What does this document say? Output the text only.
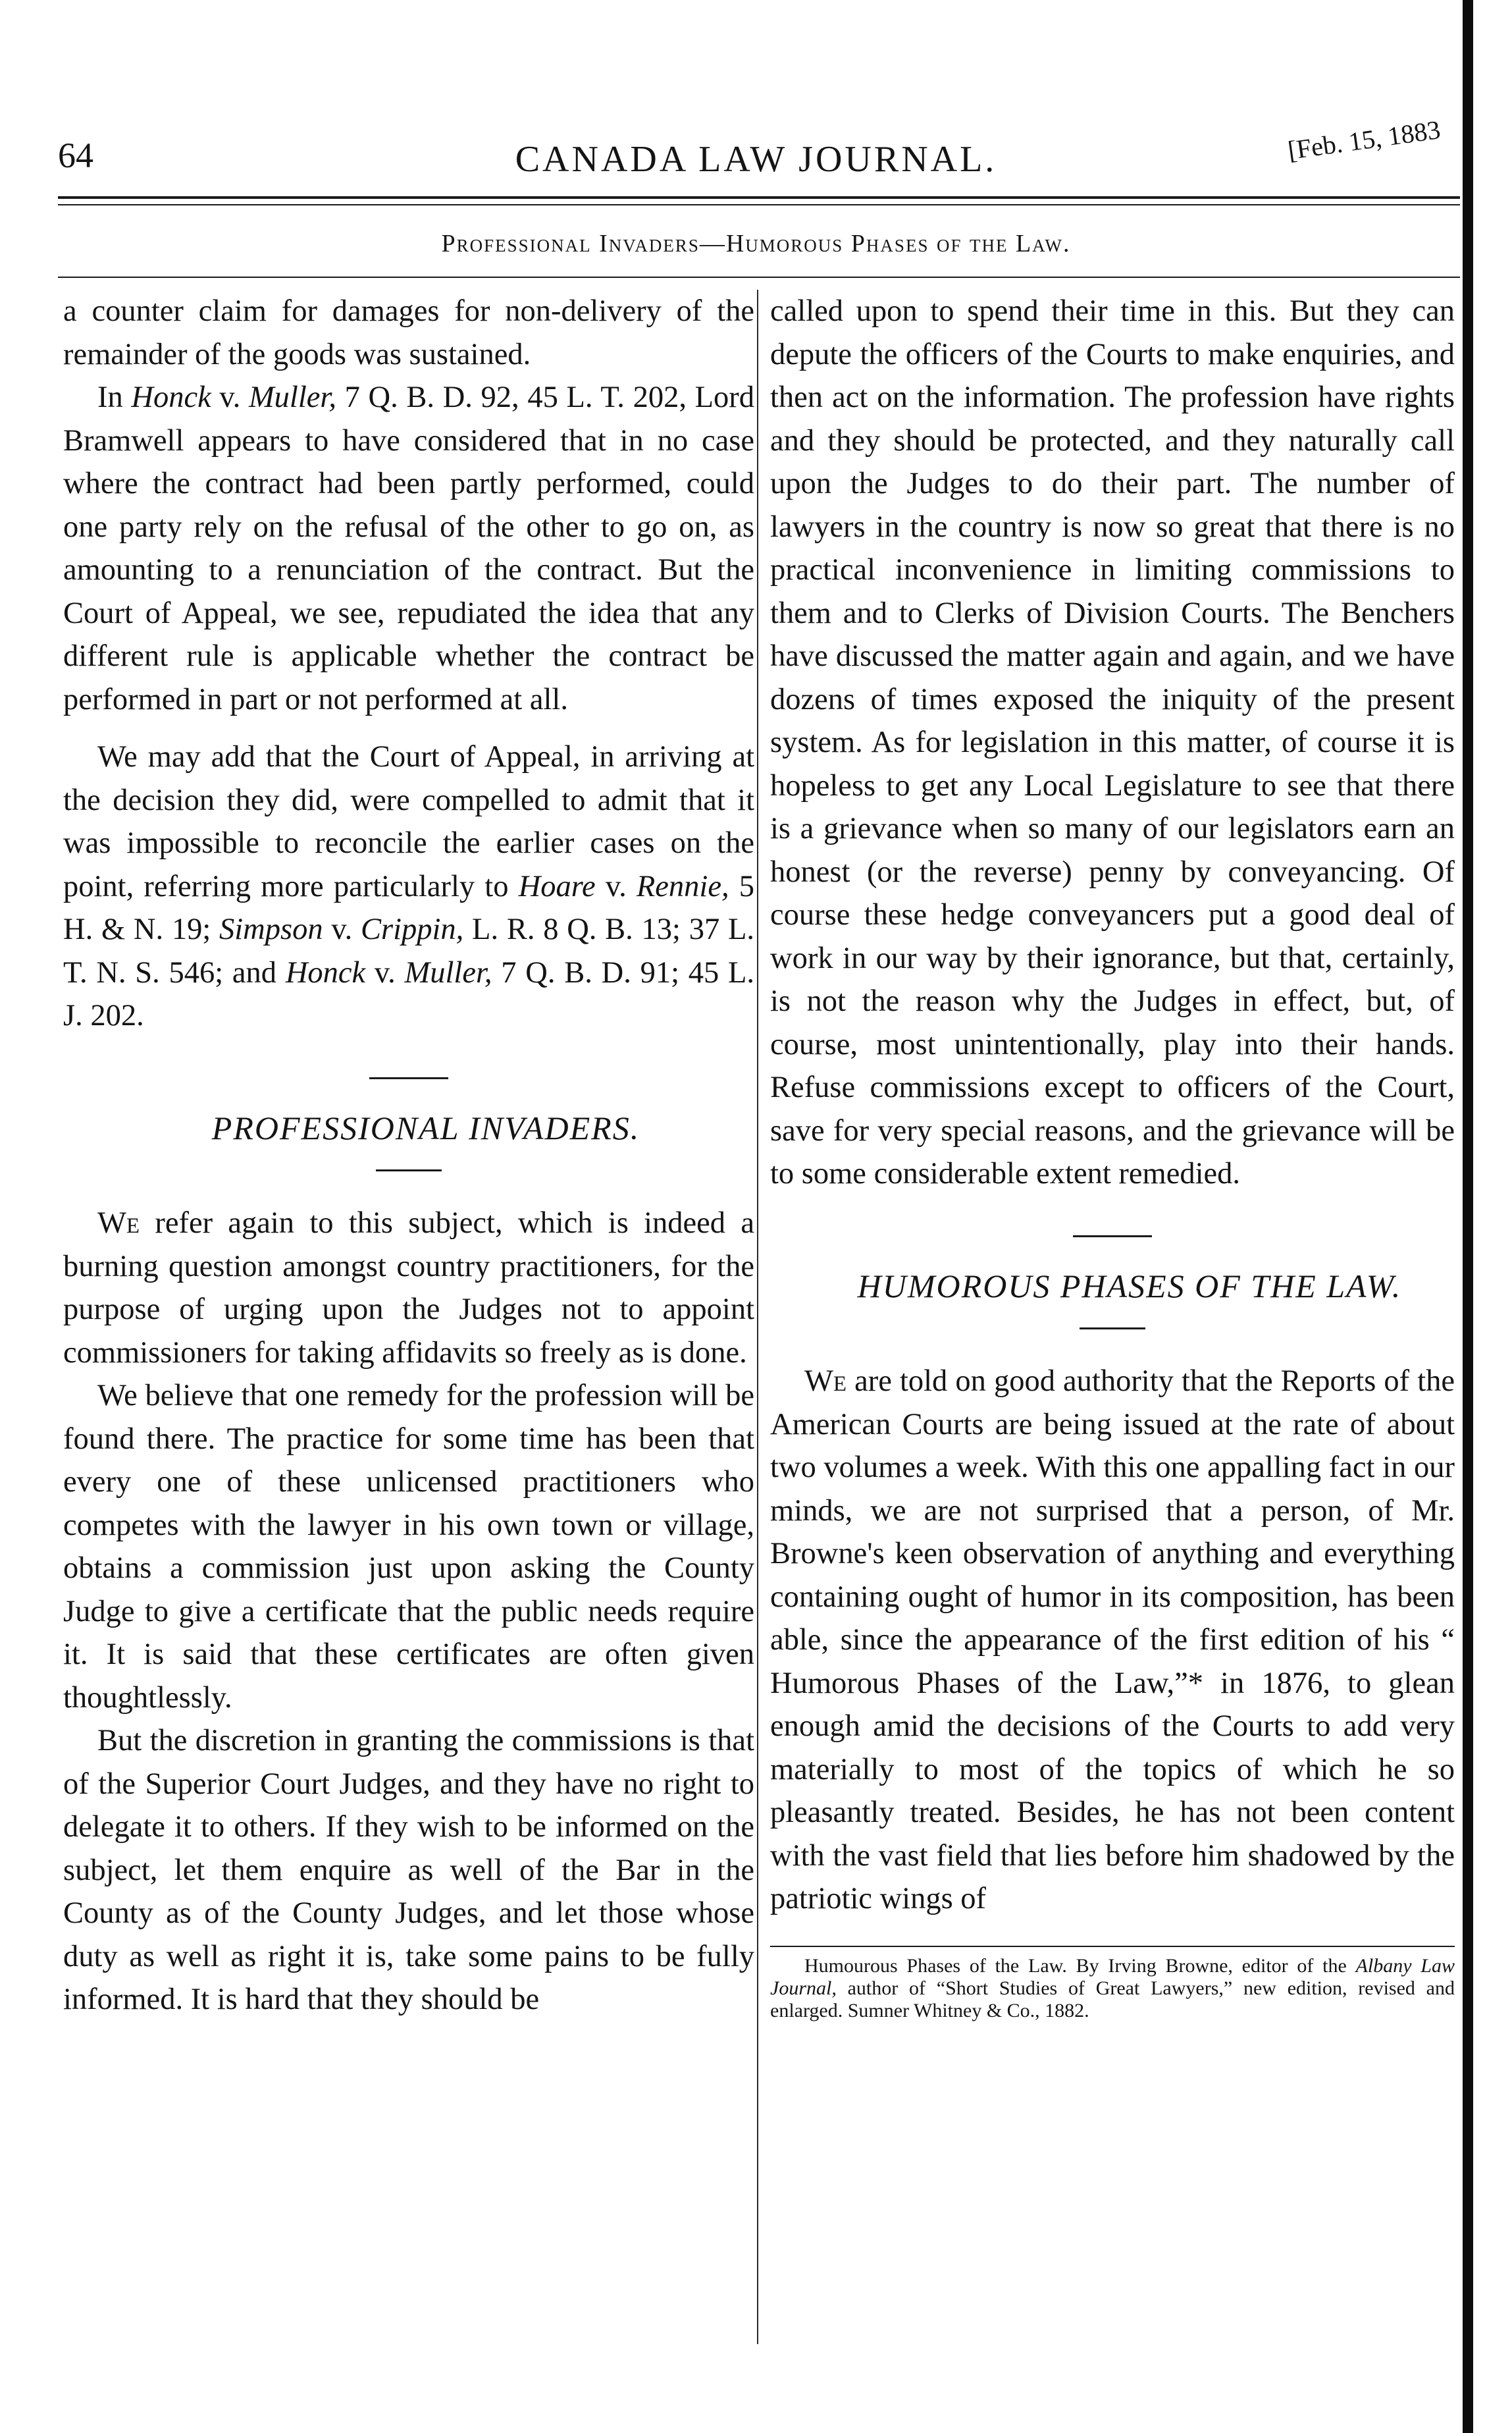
64	CANADA LAW JOURNAL.	[Feb. 15, 1883
Professional Invaders—Humorous Phases of the Law.

a counter claim for damages for non-delivery of the remainder of the goods was sustained.

In Honck v. Muller, 7 Q. B. D. 92, 45 L. T. 202, Lord Bramwell appears to have considered that in no case where the contract had been partly performed, could one party rely on the refusal of the other to go on, as amounting to a renunciation of the contract. But the Court of Appeal, we see, repudiated the idea that any different rule is applicable whether the contract be performed in part or not performed at all.

We may add that the Court of Appeal, in arriving at the decision they did, were compelled to admit that it was impossible to reconcile the earlier cases on the point, referring more particularly to Hoare v. Rennie, 5 H. & N. 19; Simpson v. Crippin, L. R. 8 Q. B. 13; 37 L. T. N. S. 546; and Honck v. Muller, 7 Q. B. D. 91; 45 L. J. 202.

PROFESSIONAL INVADERS.

We refer again to this subject, which is indeed a burning question amongst country practitioners, for the purpose of urging upon the Judges not to appoint commissioners for taking affidavits so freely as is done.

We believe that one remedy for the profession will be found there. The practice for some time has been that every one of these unlicensed practitioners who competes with the lawyer in his own town or village, obtains a commission just upon asking the County Judge to give a certificate that the public needs require it. It is said that these certificates are often given thoughtlessly.

But the discretion in granting the commissions is that of the Superior Court Judges, and they have no right to delegate it to others. If they wish to be informed on the subject, let them enquire as well of the Bar in the County as of the County Judges, and let those whose duty as well as right it is, take some pains to be fully informed. It is hard that they should be

called upon to spend their time in this. But they can depute the officers of the Courts to make enquiries, and then act on the information. The profession have rights and they should be protected, and they naturally call upon the Judges to do their part. The number of lawyers in the country is now so great that there is no practical inconvenience in limiting commissions to them and to Clerks of Division Courts. The Benchers have discussed the matter again and again, and we have dozens of times exposed the iniquity of the present system. As for legislation in this matter, of course it is hopeless to get any Local Legislature to see that there is a grievance when so many of our legislators earn an honest (or the reverse) penny by conveyancing. Of course these hedge conveyancers put a good deal of work in our way by their ignorance, but that, certainly, is not the reason why the Judges in effect, but, of course, most unintentionally, play into their hands. Refuse commissions except to officers of the Court, save for very special reasons, and the grievance will be to some considerable extent remedied.

HUMOROUS PHASES OF THE LAW.

We are told on good authority that the Reports of the American Courts are being issued at the rate of about two volumes a week. With this one appalling fact in our minds, we are not surprised that a person, of Mr. Browne's keen observation of anything and everything containing ought of humor in its composition, has been able, since the appearance of the first edition of his “ Humorous Phases of the Law,”* in 1876, to glean enough amid the decisions of the Courts to add very materially to most of the topics of which he so pleasantly treated. Besides, he has not been content with the vast field that lies before him shadowed by the patriotic wings of

Humourous Phases of the Law. By Irving Browne, editor of the Albany Law Journal, author of “Short Studies of Great Lawyers,” new edition, revised and enlarged. Sumner Whitney & Co., 1882.
